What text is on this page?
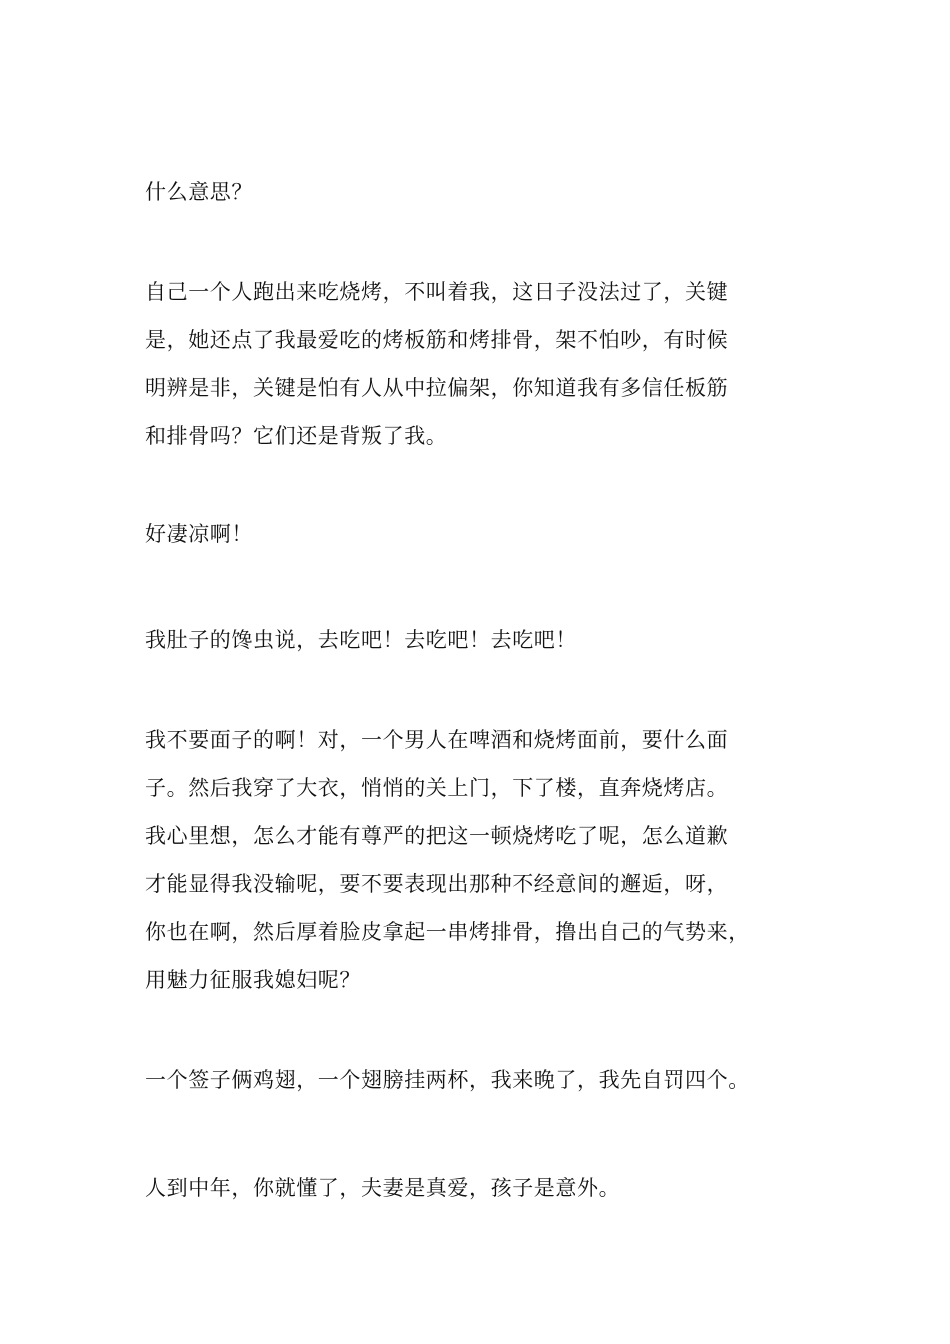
什么意思？
自己一个人跑出来吃烧烤，不叫着我，这日子没法过了，关键
是，她还点了我最爱吃的烤板筋和烤排骨，架不怕吵，有时候
明辨是非，关键是怕有人从中拉偏架，你知道我有多信任板筋
和排骨吗？它们还是背叛了我。
好凄凉啊！
我肚子的馋虫说，去吃吧！去吃吧！去吃吧！
我不要面子的啊！对，一个男人在啤酒和烧烤面前，要什么面
子。然后我穿了大衣，悄悄的关上门，下了楼，直奔烧烤店。
我心里想，怎么才能有尊严的把这一顿烧烤吃了呢，怎么道歉
才能显得我没输呢，要不要表现出那种不经意间的邂逅，呀，
你也在啊，然后厚着脸皮拿起一串烤排骨，撸出自己的气势来，
用魅力征服我媳妇呢？
一个签子俩鸡翅，一个翅膀挂两杯，我来晚了，我先自罚四个。
人到中年，你就懂了，夫妻是真爱，孩子是意外。
